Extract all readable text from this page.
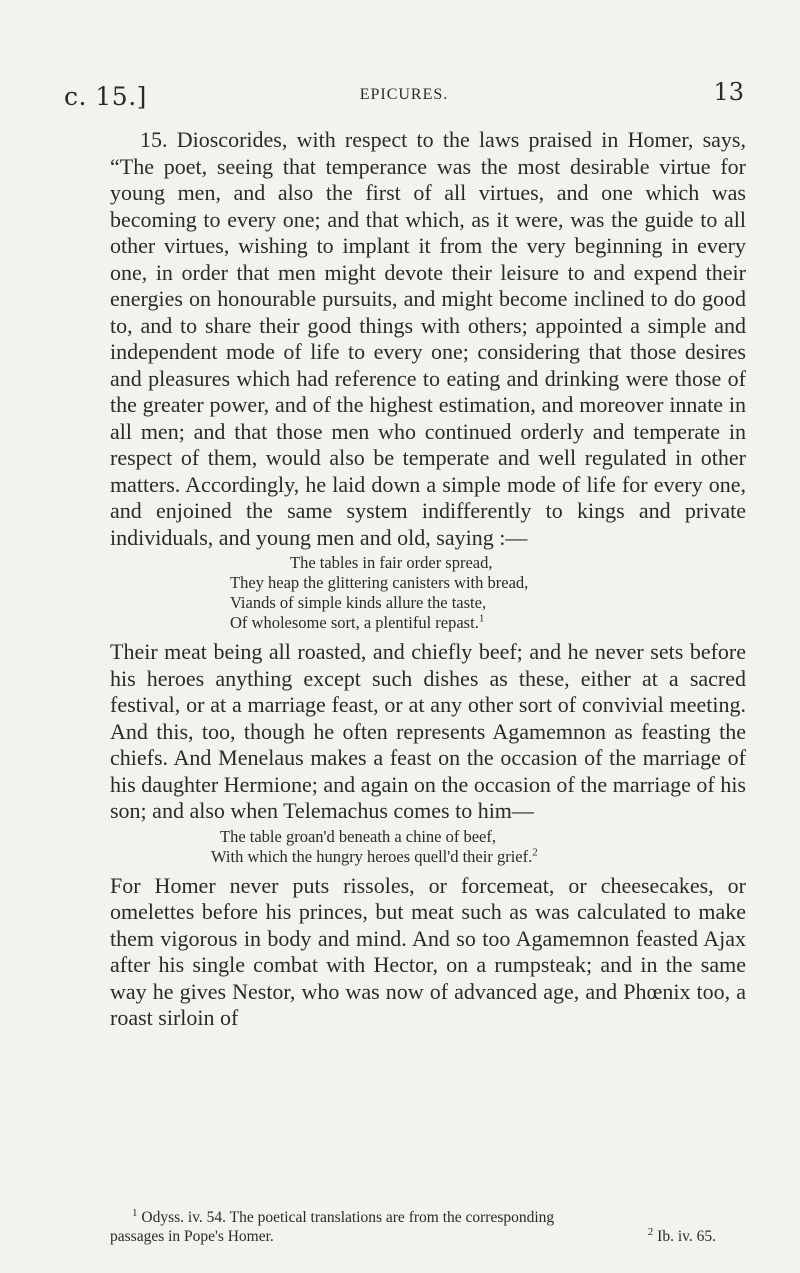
c. 15.]	EPICURES.	13

15. Dioscorides, with respect to the laws praised in Homer, says, “The poet, seeing that temperance was the most desirable virtue for young men, and also the first of all virtues, and one which was becoming to every one; and that which, as it were, was the guide to all other virtues, wishing to implant it from the very beginning in every one, in order that men might devote their leisure to and expend their energies on honourable pursuits, and might become inclined to do good to, and to share their good things with others; appointed a simple and independent mode of life to every one; considering that those desires and pleasures which had reference to eating and drinking were those of the greater power, and of the highest estimation, and moreover innate in all men; and that those men who continued orderly and temperate in respect of them, would also be temperate and well regulated in other matters. Accordingly, he laid down a simple mode of life for every one, and enjoined the same system indifferently to kings and private individuals, and young men and old, saying :—

The tables in fair order spread,
They heap the glittering canisters with bread,
Viands of simple kinds allure the taste,
Of wholesome sort, a plentiful repast.$^1$

Their meat being all roasted, and chiefly beef; and he never sets before his heroes anything except such dishes as these, either at a sacred festival, or at a marriage feast, or at any other sort of convivial meeting. And this, too, though he often represents Agamemnon as feasting the chiefs. And Menelaus makes a feast on the occasion of the marriage of his daughter Hermione; and again on the occasion of the marriage of his son; and also when Telemachus comes to him—

The table groan'd beneath a chine of beef,
With which the hungry heroes quell'd their grief.$^2$

For Homer never puts rissoles, or forcemeat, or cheesecakes, or omelettes before his princes, but meat such as was calculated to make them vigorous in body and mind. And so too Agamemnon feasted Ajax after his single combat with Hector, on a rumpsteak; and in the same way he gives Nestor, who was now of advanced age, and Phœnix too, a roast sirloin of

$^1$ Odyss. iv. 54. The poetical translations are from the corresponding
passages in Pope's Homer.	$^2$ Ib. iv. 65.
